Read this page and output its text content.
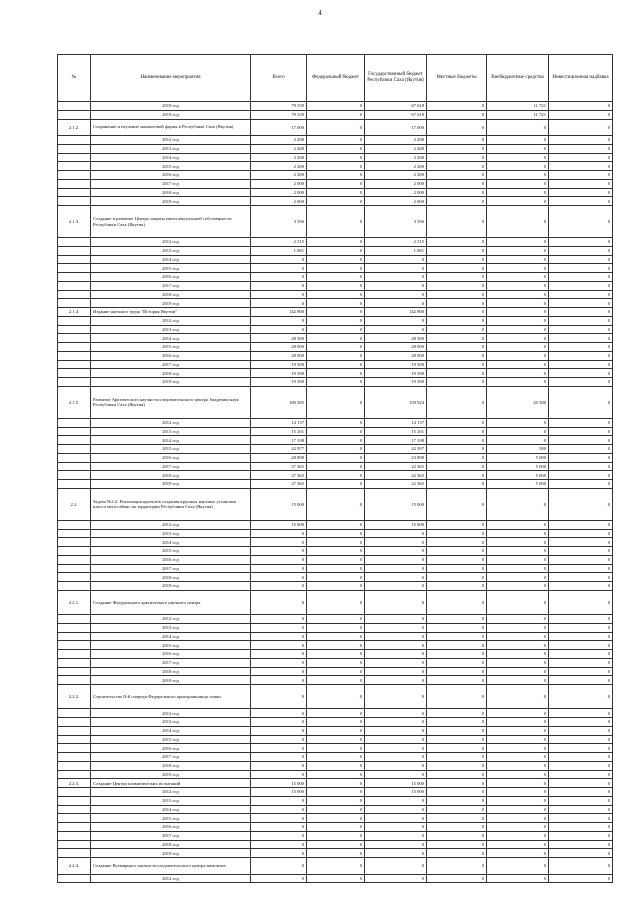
4
№	Наименование мероприятия	Всего	Федеральный бюджет	Государственный бюджет Республики Саха (Якутия)	Местные бюджеты	Внебюджетные средства	Инвестиционная надбавка
	2018 год	79 339	0	67 618	0	11 721	0
	2019 год	79 339	0	67 618	0	11 721	0
2.1.2.	Сохранение и изучение мамонтовой фауны в Республике Саха (Якутия)	17 000	0	17 000	0	0	0
	2012 год	2 200	0	2 200	0	0	0
	2013 год	2 200	0	2 200	0	0	0
	2014 год	2 200	0	2 200	0	0	0
	2015 год	2 200	0	2 200	0	0	0
	2016 год	2 200	0	2 200	0	0	0
	2017 год	2 000	0	2 000	0	0	0
	2018 год	2 000	0	2 000	0	0	0
	2019 год	2 000	0	2 000	0	0	0
2.1.3.	Создание и развитие Центра защиты интеллектуальной собственности Республики Саха (Якутия)	3 596	0	3 596	0	0	0
	2012 год	2 515	0	2 515	0	0	0
	2013 год	1 081	0	1 081	0	0	0
	2014 год	0	0	0	0	0	0
	2015 год	0	0	0	0	0	0
	2016 год	0	0	0	0	0	0
	2017 год	0	0	0	0	0	0
	2018 год	0	0	0	0	0	0
	2019 год	0	0	0	0	0	0
2.1.4.	Издание научного труда "История Якутии"	142 800	0	142 800	0	0	0
	2012 год	0	0	0	0	0	0
	2013 год	0	0	0	0	0	0
	2014 год	28 300	0	28 300	0	0	0
	2015 год	28 000	0	28 000	0	0	0
	2016 год	28 000	0	28 000	0	0	0
	2017 год	19 500	0	19 500	0	0	0
	2018 год	19 500	0	19 500	0	0	0
	2019 год	19 500	0	19 500	0	0	0
2.1.5.	Развитие Арктического научно-исследовательского центра Академии наук Республики Саха (Якутия)	180 505	0	159 924	0	20 580	0
	2012 год	14 137	0	14 137	0	0	0
	2013 год	15 201	0	15 201	0	0	0
	2014 год	17 198	0	17 198	0	0	0
	2015 год	22 977	0	22 397	0	580	0
	2016 год	28 898	0	23 898	0	5 000	0
	2017 год	27 365	0	22 365	0	5 000	0
	2018 год	27 365	0	22 365	0	5 000	0
	2019 год	27 365	0	22 365	0	5 000	0
2.2.	Задача №2.2. Реализация проектов создания крупных научных установок класса мега-сайенс на территории Республики Саха (Якутия)	15 000	0	15 000	0	0	0
	2012 год	15 000	0	15 000	0	0	0
	2013 год	0	0	0	0	0	0
	2014 год	0	0	0	0	0	0
	2015 год	0	0	0	0	0	0
	2016 год	0	0	0	0	0	0
	2017 год	0	0	0	0	0	0
	2018 год	0	0	0	0	0	0
	2019 год	0	0	0	0	0	0
2.2.1.	Создание Федерального арктического научного центра	0	0	0	0	0	0
	2012 год	0	0	0	0	0	0
	2013 год	0	0	0	0	0	0
	2014 год	0	0	0	0	0	0
	2015 год	0	0	0	0	0	0
	2016 год	0	0	0	0	0	0
	2017 год	0	0	0	0	0	0
	2018 год	0	0	0	0	0	0
	2019 год	0	0	0	0	0	0
2.2.2.	Строительство II-й очереди Федерального криохранилища семян	0	0	0	0	0	0
	2012 год	0	0	0	0	0	0
	2013 год	0	0	0	0	0	0
	2014 год	0	0	0	0	0	0
	2015 год	0	0	0	0	0	0
	2016 год	0	0	0	0	0	0
	2017 год	0	0	0	0	0	0
	2018 год	0	0	0	0	0	0
	2019 год	0	0	0	0	0	0
2.2.3.	Создание Центра климатических испытаний	15 000	0	15 000	0	0	0
	2012 год	15 000	0	15 000	0	0	0
	2013 год	0	0	0	0	0	0
	2014 год	0	0	0	0	0	0
	2015 год	0	0	0	0	0	0
	2016 год	0	0	0	0	0	0
	2017 год	0	0	0	0	0	0
	2018 год	0	0	0	0	0	0
	2019 год	0	0	0	0	0	0
2.2.4.	Создание Всемирного научно-исследовательского центра мамонтов	0	0	0	0	0	0
	2012 год	0	0	0	0	0	0
